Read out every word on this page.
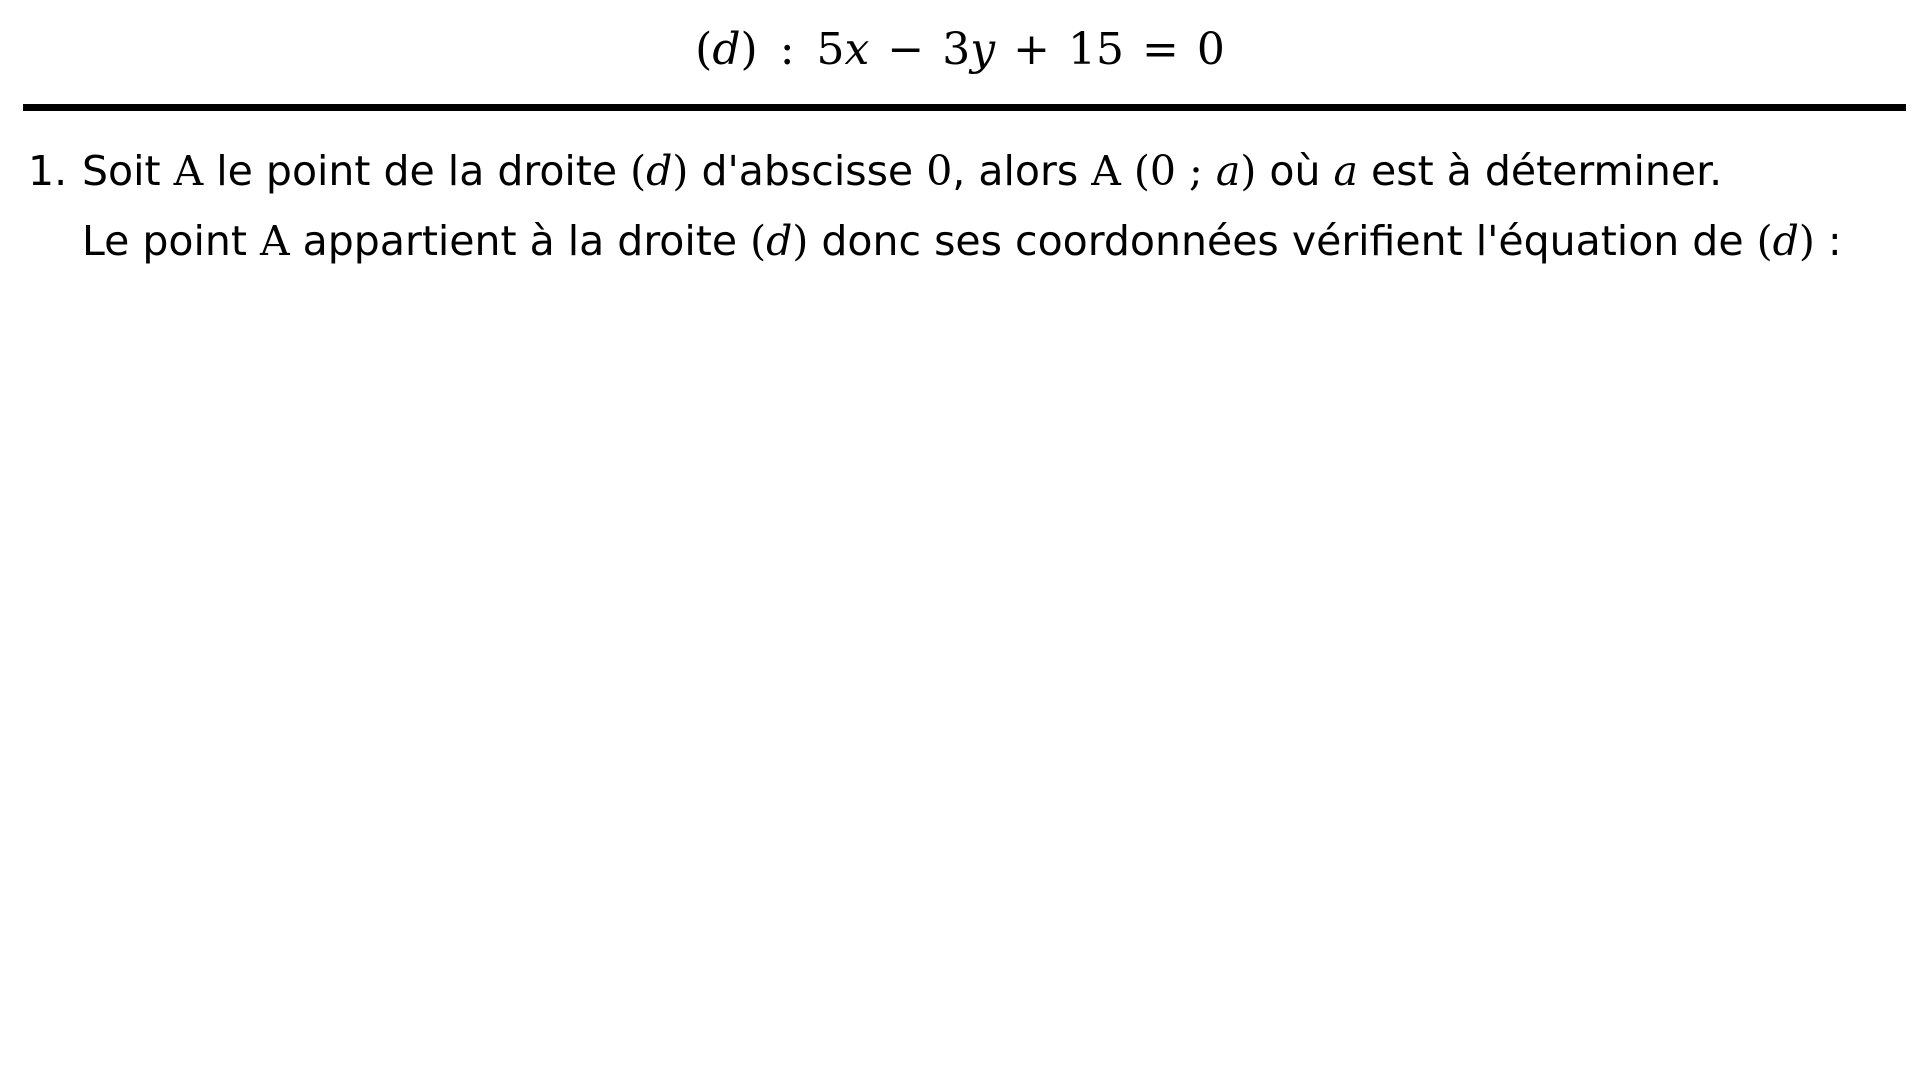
(d) : 5x − 3y + 15 = 0
1. Soit A le point de la droite (d) d'abscisse 0, alors A (0 ; a) où a est à déterminer.
Le point A appartient à la droite (d) donc ses coordonnées vérifient l'équation de (d) :
